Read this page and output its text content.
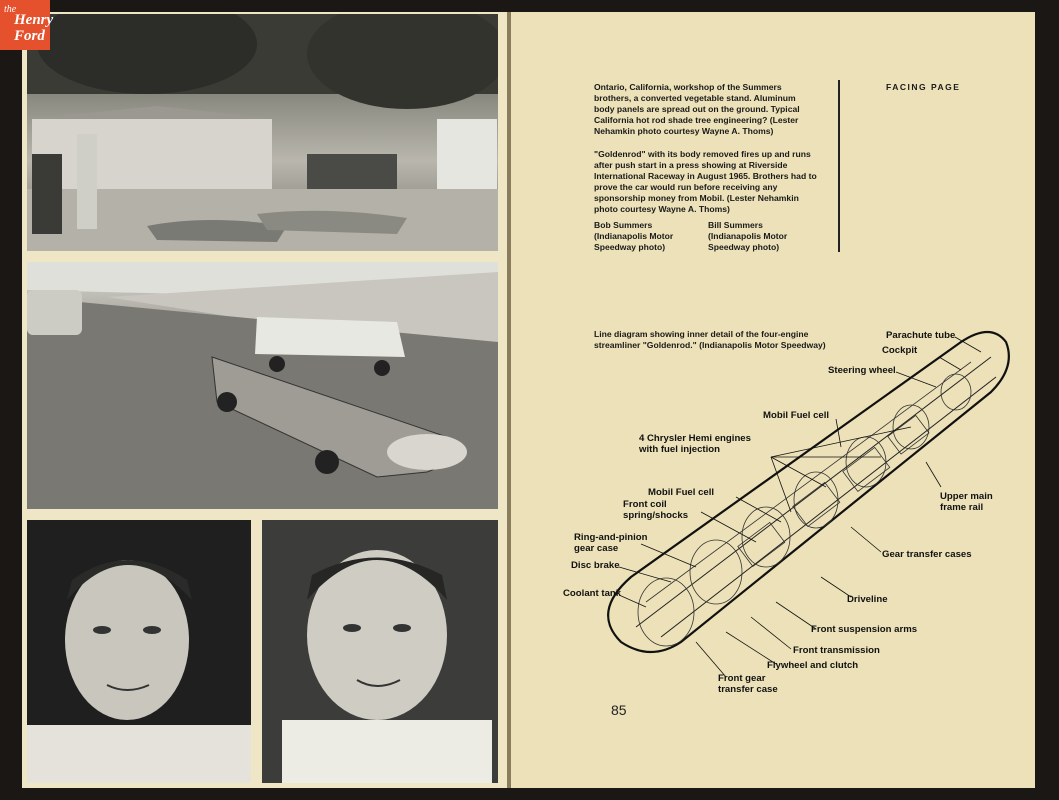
the
Henry
Ford
Ontario, California, workshop of the Summers brothers, a converted vegetable stand. Aluminum body panels are spread out on the ground. Typical California hot rod shade tree engineering? (Lester Nehamkin photo courtesy Wayne A. Thoms)
"Goldenrod" with its body removed fires up and runs after push start in a press showing at Riverside International Raceway in August 1965. Brothers had to prove the car would run before receiving any sponsorship money from Mobil. (Lester Nehamkin photo courtesy Wayne A. Thoms)
Bob Summers (Indianapolis Motor Speedway photo)
Bill Summers (Indianapolis Motor Speedway photo)
FACING PAGE
Line diagram showing inner detail of the four-engine streamliner "Goldenrod." (Indianapolis Motor Speedway)
Parachute tube
Cockpit
Steering wheel
Mobil Fuel cell
4 Chrysler Hemi engines with fuel injection
Mobil Fuel cell
Front coil spring/shocks
Upper main frame rail
Ring-and-pinion gear case
Gear transfer cases
Disc brake
Coolant tank
Driveline
Front suspension arms
Front transmission
Flywheel and clutch
Front gear transfer case
85
